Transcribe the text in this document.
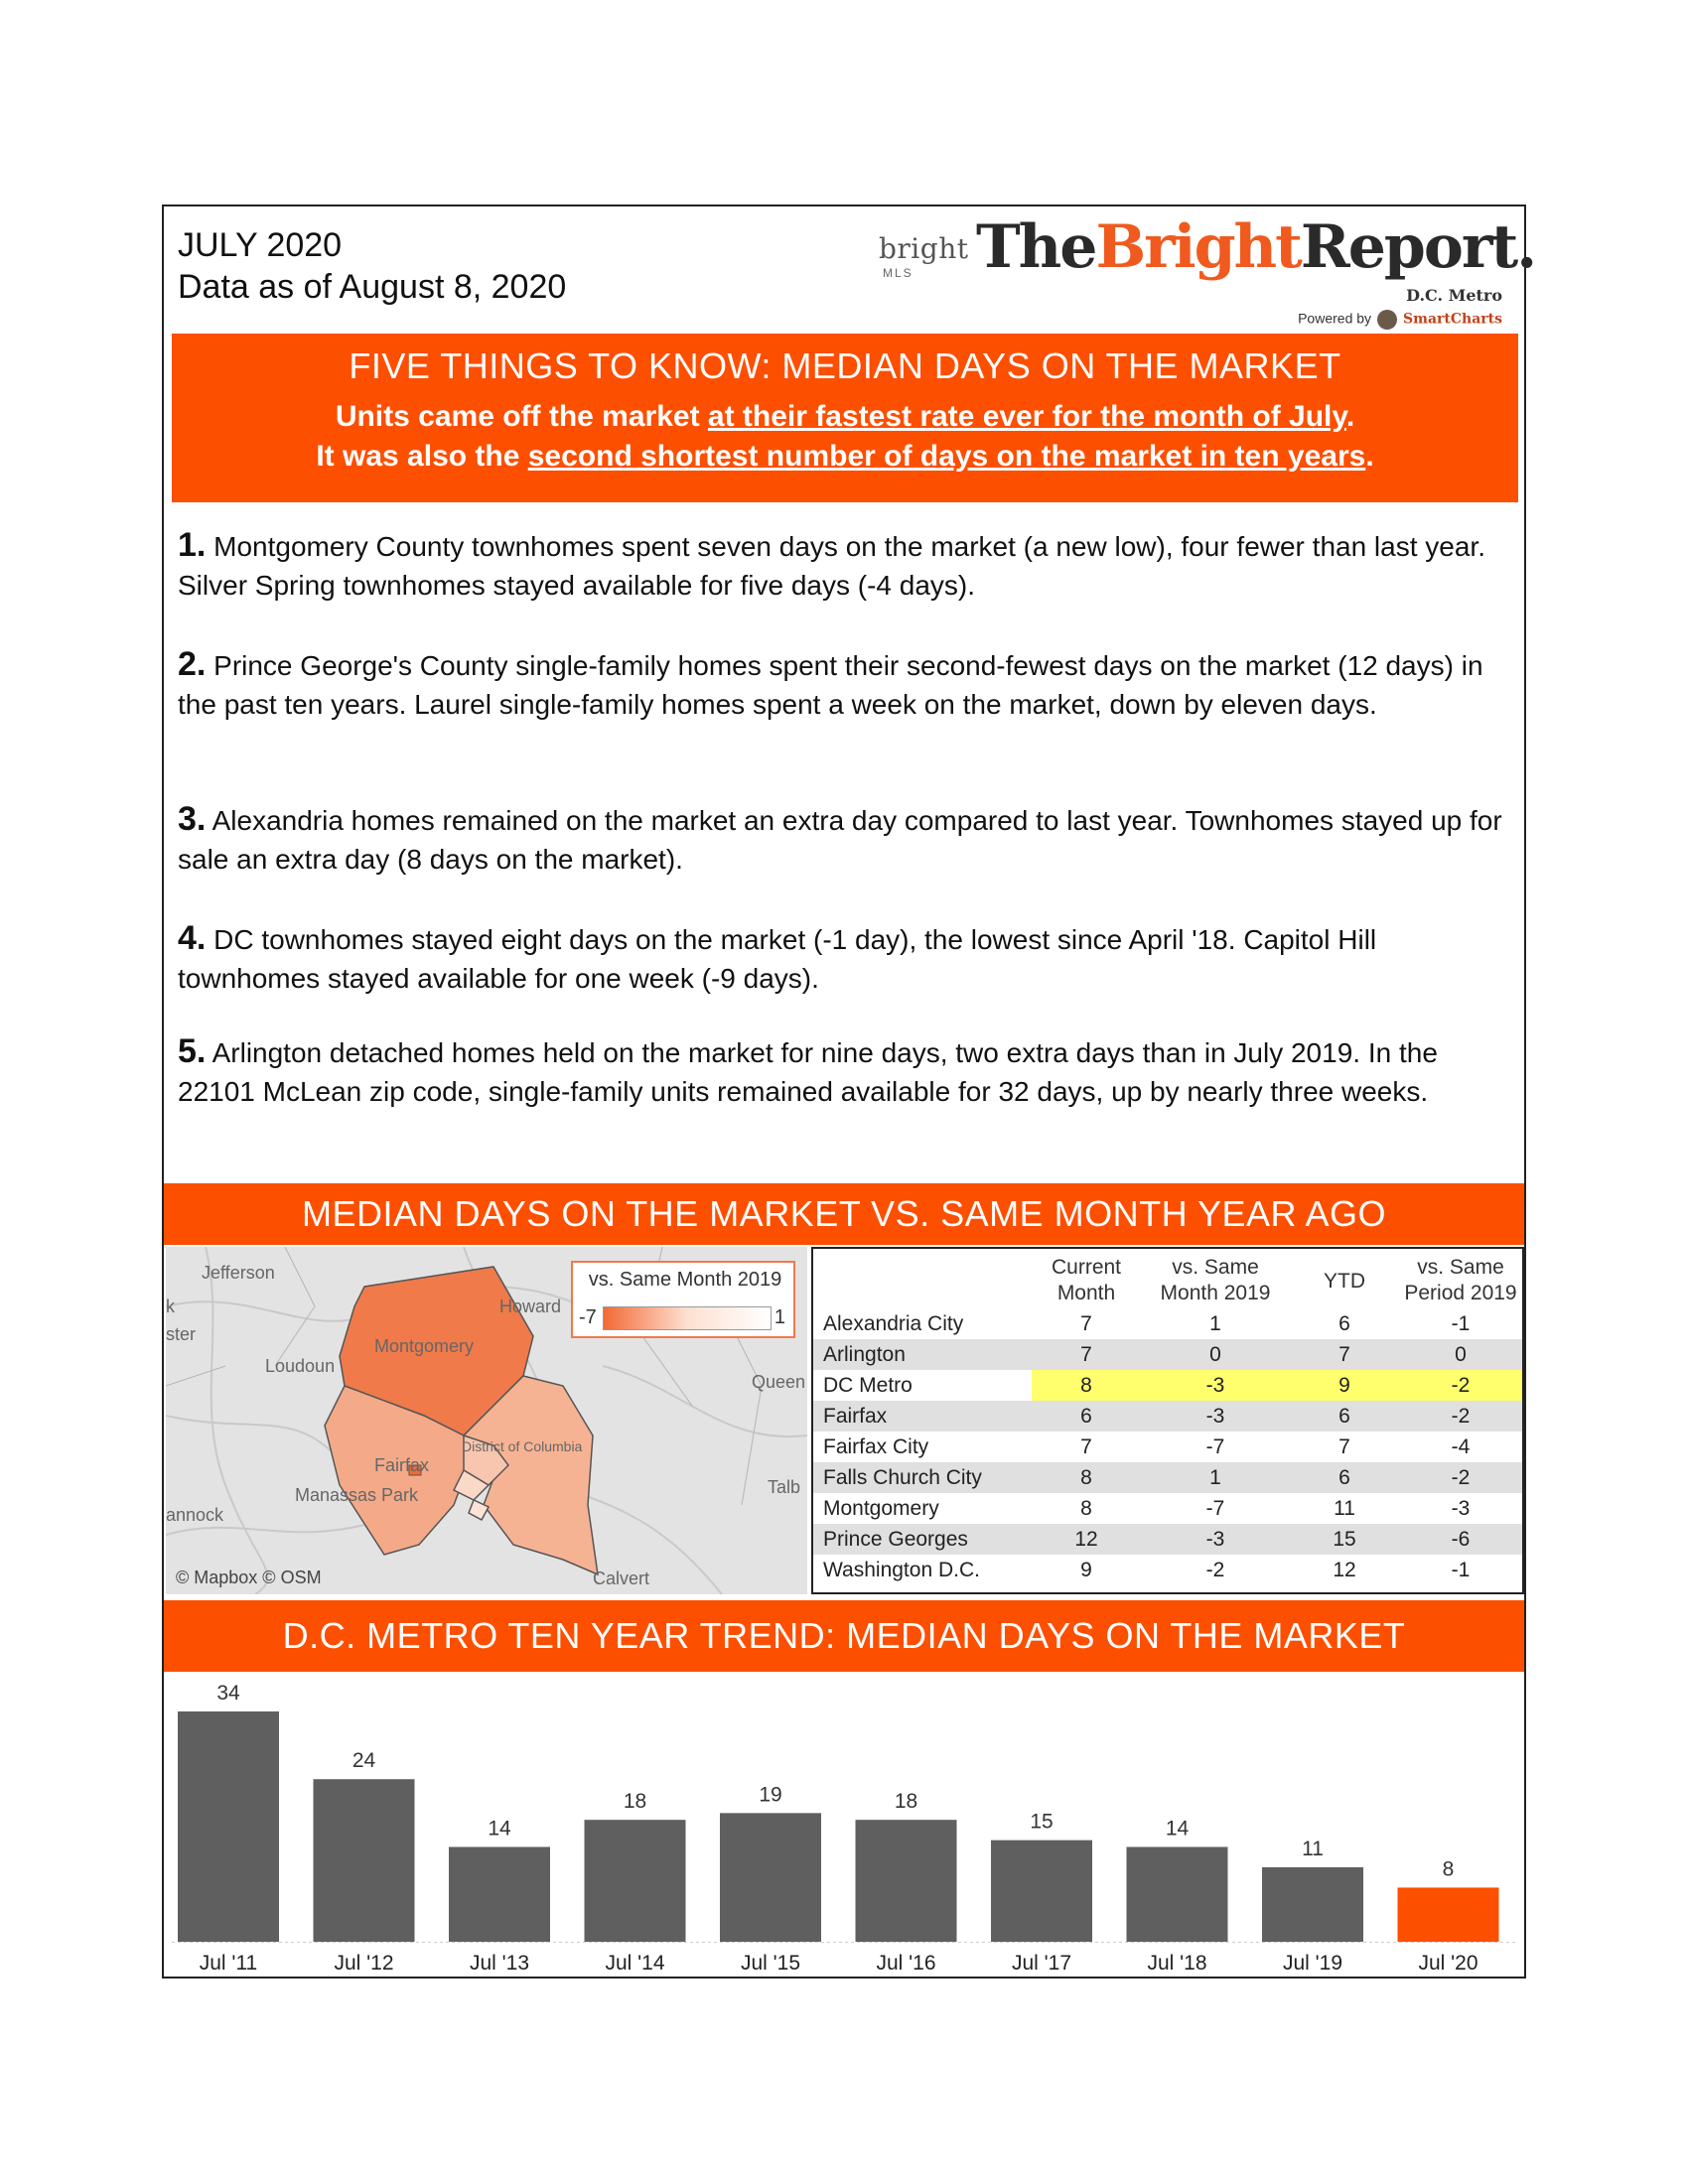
JULY 2020
Data as of August 8, 2020
bright
MLS TheBrightReport.
D.C. Metro
Powered by SmartCharts
FIVE THINGS TO KNOW: MEDIAN DAYS ON THE MARKET
Units came off the market at their fastest rate ever for the month of July.
It was also the second shortest number of days on the market in ten years.
1. Montgomery County townhomes spent seven days on the market (a new low), four fewer than last year. Silver Spring townhomes stayed available for five days (-4 days).
2. Prince George's County single-family homes spent their second-fewest days on the market (12 days) in the past ten years. Laurel single-family homes spent a week on the market, down by eleven days.
3. Alexandria homes remained on the market an extra day compared to last year. Townhomes stayed up for sale an extra day (8 days on the market).
4. DC townhomes stayed eight days on the market (-1 day), the lowest since April '18. Capitol Hill townhomes stayed available for one week (-9 days).
5. Arlington detached homes held on the market for nine days, two extra days than in July 2019. In the 22101 McLean zip code, single-family units remained available for 32 days, up by nearly three weeks.
MEDIAN DAYS ON THE MARKET VS. SAME MONTH YEAR AGO
Jefferson
Howard
ster
k
Loudoun
Montgomery
Queen
Fairfax
Manassas Park	Talb
annock
Calvert
District of Columbia
vs. Same Month 2019
-7	1
© Mapbox © OSM
Current
Month
vs. Same
Month 2019
YTD
vs. Same
Period 2019
Alexandria City	7	1	6	-1
Arlington	7	0	7	0
DC Metro	8	-3	9	-2
Fairfax	6	-3	6	-2
Fairfax City	7	-7	7	-4
Falls Church City	8	1	6	-2
Montgomery	8	-7	11	-3
Prince Georges	12	-3	15	-6
Washington D.C.	9	-2	12	-1
D.C. METRO TEN YEAR TREND: MEDIAN DAYS ON THE MARKET
34
Jul '11
24
Jul '12
14
Jul '13
18
Jul '14
19
Jul '15
18
Jul '16
15
Jul '17
14
Jul '18
11
Jul '19
8
Jul '20
